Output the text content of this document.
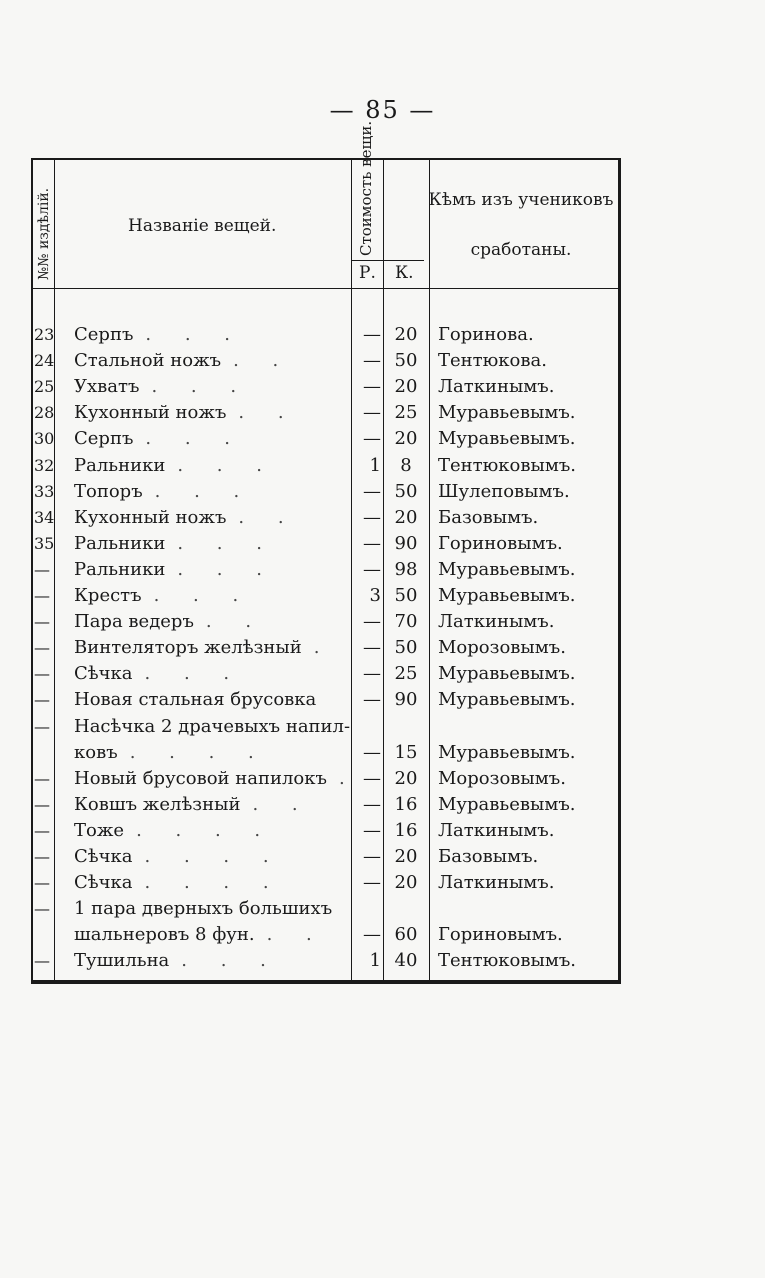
— 85 —
№№ издѣлій.	Названіе вещей.	Стоимость вещи.
Р. К.
Кѣмъ изъ учениковъ
сработаны.
23 Серпъ . . .	— 20	Горинова.
24 Стальной ножъ . .	— 50	Тентюкова.
25 Ухватъ . . .	— 20	Латкинымъ.
28 Кухонный ножъ . .	— 25	Муравьевымъ.
30 Серпъ . . .	— 20	Муравьевымъ.
32 Ральники . . .	1	8	Тентюковымъ.
33 Топоръ . . .	— 50	Шулеповымъ.
34 Кухонный ножъ . .	— 20	Базовымъ.
35 Ральники . . .	— 90	Гориновымъ.
— Ральники . . .	— 98	Муравьевымъ.
— Крестъ . . .	3 50	Муравьевымъ.
— Пара ведеръ . .	— 70	Латкинымъ.
— Винтеляторъ желѣзный .	— 50	Морозовымъ.
— Сѣчка . . .	— 25	Муравьевымъ.
— Новая стальная брусовка	— 90	Муравьевымъ.
— Насѣчка 2 драчевыхъ напил-
ковъ . . . .	— 15	Муравьевымъ.
— Новый брусовой напилокъ . — 20	Морозовымъ.
— Ковшъ желѣзный . .	— 16	Муравьевымъ.
— Тоже . . . .	— 16	Латкинымъ.
— Сѣчка . . . .	— 20	Базовымъ.
— Сѣчка . . . .	— 20	Латкинымъ.
— 1 пара дверныхъ большихъ
шальнеровъ 8 фун. . .	— 60	Гориновымъ.
— Тушильна . . .	1 40	Тентюковымъ.
